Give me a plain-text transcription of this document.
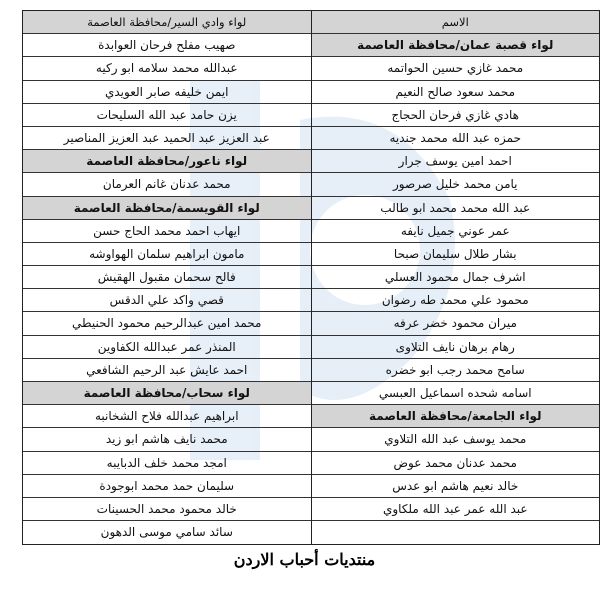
الاسم
لواء قصبة عمان/محافظة العاصمة
محمد غازي حسين الحواتمه
محمد سعود صالح النعيم
هادي غازي فرحان الحجاج
حمزه عبد الله محمد جنديه
احمد امين يوسف جرار
يامن محمد خليل صرصور
عبد الله محمد محمد ابو طالب
عمر عوني جميل نايفه
بشار طلال سليمان صبحا
اشرف جمال محمود العسلي
محمود علي محمد طه رضوان
ميران محمود خضر عرفه
رهام برهان نايف التلاوى
سامح محمد رجب ابو خضره
اسامه شحده اسماعيل العبسي
لواء الجامعة/محافظة العاصمة
محمد يوسف عبد الله التلاوي
محمد عدنان محمد عوض
خالد نعيم هاشم ابو عدس
عبد الله عمر عبد الله ملكاوي
لواء وادي السير/محافظة العاصمة
صهيب مفلح فرحان العوابدة
عبدالله محمد سلامه ابو ركيه
ايمن خليفه صابر العويدي
يزن حامد عبد الله السليحات
عبد العزيز عبد الحميد عبد العزيز المناصير
لواء ناعور/محافظة العاصمة
محمد عدنان غانم العرمان
لواء القويسمة/محافظة العاصمة
ايهاب احمد محمد الحاج حسن
مامون ابراهيم سلمان الهواوشه
فالح سحمان مقبول الهقيش
قصي واكد علي الدقس
محمد امين عبدالرحيم محمود الحنيطي
المنذر عمر عبدالله الكفاوين
احمد عايش عبد الرحيم الشافعي
لواء سحاب/محافظة العاصمة
ابراهيم عبدالله فلاح الشخانبه
محمد نايف هاشم ابو زيد
امجد محمد خلف الدبايبه
سليمان حمد محمد ابوجودة
خالد محمود محمد الحسينات
سائد سامي موسى الدهون
منتديات أحباب الاردن
